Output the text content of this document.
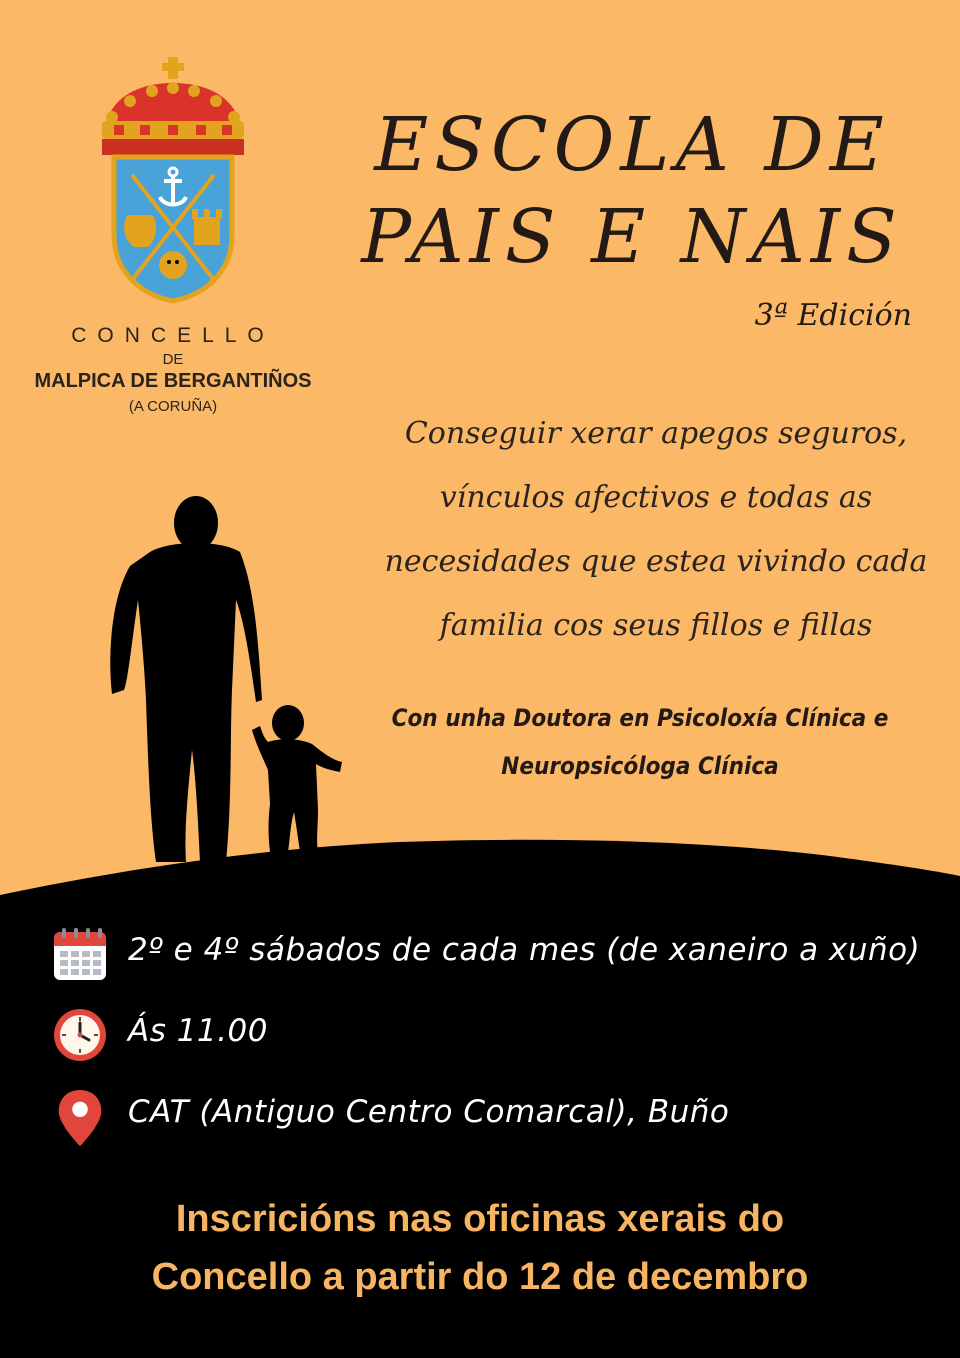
CONCELLO
DE
MALPICA DE BERGANTIÑOS
(A CORUÑA)
ESCOLA DE
PAIS E NAIS
3ª Edición
Conseguir xerar apegos seguros,
vínculos afectivos e todas as
necesidades que estea vivindo cada
familia cos seus fillos e fillas
Con unha Doutora en Psicoloxía Clínica e
Neuropsicóloga Clínica
2º e 4º sábados de cada mes (de xaneiro a xuño)
Ás 11.00
CAT (Antiguo Centro Comarcal), Buño
Inscricións nas oficinas xerais do
Concello a partir do 12 de decembro
